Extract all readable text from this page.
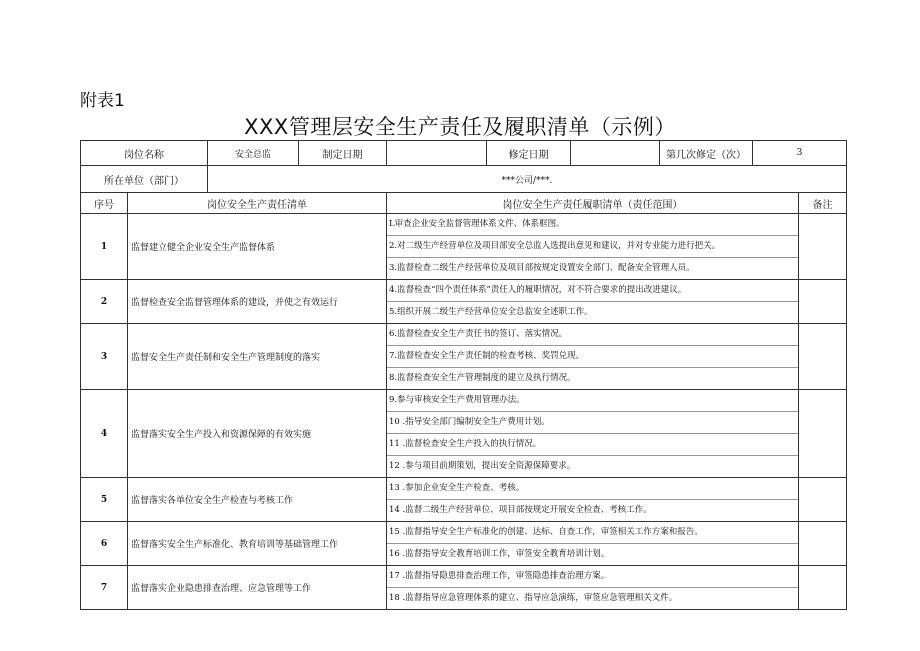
附表1
XXX管理层安全生产责任及履职清单（示例）
岗位名称		安全总监	制定日期		修定日期		第几次修定（次）	3	
所在单位（部门）		***公司/***.							
序号	岗位安全生产责任清单			岗位安全生产责任履职清单（责任范围）					备注
1	监督建立健全企业安全生产监督体系			L审查企业安全监督管理体系文件、体系框图。
2.对二级生产经营单位及项目部安全总监人选提出意见和建议，并对专业能力进行把关。
3.监督检查二级生产经营单位及项目部按规定设置安全部门、配备安全管理人员。					

2	监督检查安全监督管理体系的建设，并使之有效运行			4.监督检查“四个责任体系”责任人的履职情况，对不符合要求的提出改进建议。
5.组织开展二级生产经营单位安全总监安全述职工作。					

3	监督安全生产责任制和安全生产管理制度的落实			6.监督检查安全生产责任书的签订、落实情况。
7.监督检查安全生产责任制的检查考核、奖罚兑现。
8.监督检查安全生产管理制度的建立及执行情况。					

4	监督落实安全生产投入和资源保障的有效实施			9.参与审核安全生产费用管理办法。
10 .指导安全部门编制安全生产费用计划。
11 .监督检查安全生产投入的执行情况。
12 .参与项目前期策划，提出安全资源保障要求。					

5	监督落实各单位安全生产检查与考核工作			13 .参加企业安全生产检查、考核。
14 .监督二级生产经营单位、项目部按规定开展安全检查、考核工作。					

6	监督落实安全生产标准化、教育培训等基础管理工作			15 .监督指导安全生产标准化的创建、达标、自查工作，审签相关工作方案和报告。
16 .监督指导安全教育培训工作，审签安全教育培训计划。					

7	监督落实企业隐患排查治理、应急管理等工作			17 .监督指导隐患排查治理工作，审签隐患排查治理方案。
18 .监督指导应急管理体系的建立、指导应急演练，审签应急管理相关文件。					
